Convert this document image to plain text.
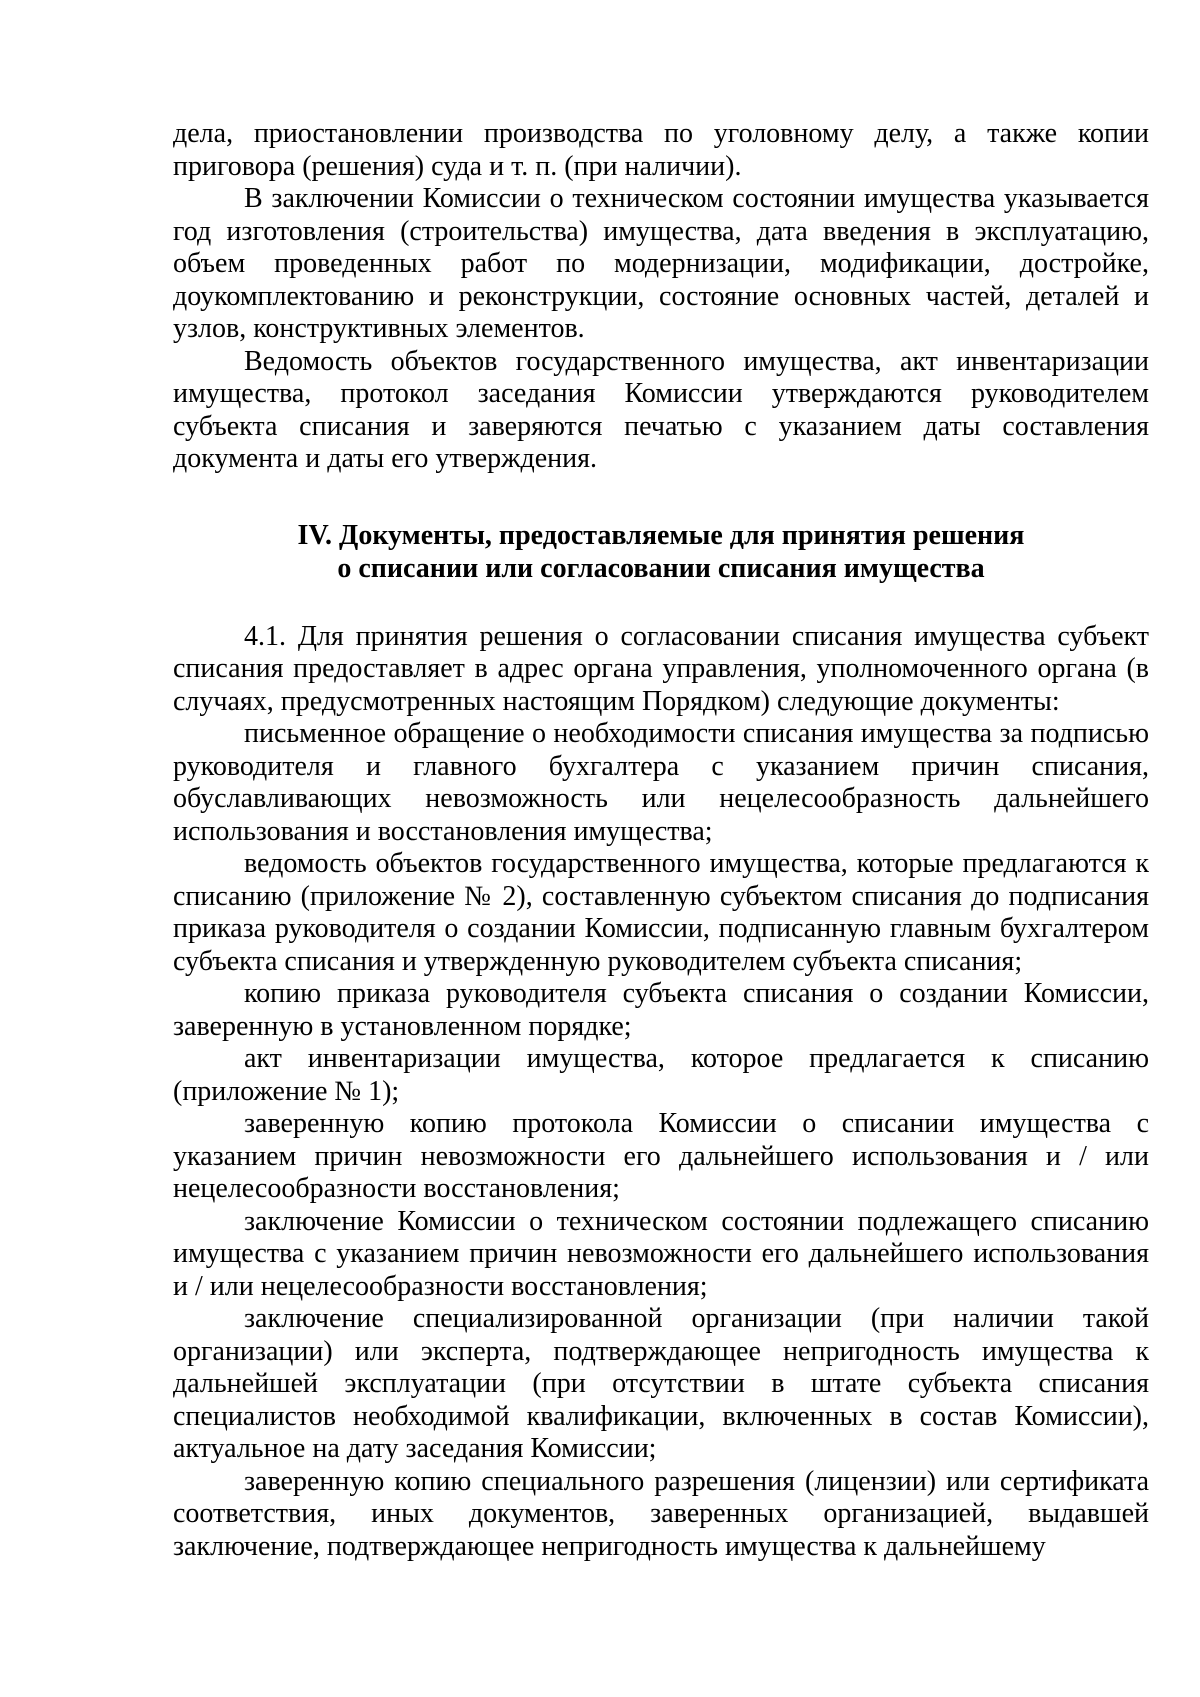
дела, приостановлении производства по уголовному делу, а также копии приговора (решения) суда и т. п. (при наличии).

В заключении Комиссии о техническом состоянии имущества указывается год изготовления (строительства) имущества, дата введения в эксплуатацию, объем проведенных работ по модернизации, модификации, достройке, доукомплектованию и реконструкции, состояние основных частей, деталей и узлов, конструктивных элементов.

Ведомость объектов государственного имущества, акт инвентаризации имущества, протокол заседания Комиссии утверждаются руководителем субъекта списания и заверяются печатью с указанием даты составления документа и даты его утверждения.

IV. Документы, предоставляемые для принятия решения
о списании или согласовании списания имущества

4.1. Для принятия решения о согласовании списания имущества субъект списания предоставляет в адрес органа управления, уполномоченного органа (в случаях, предусмотренных настоящим Порядком) следующие документы:

письменное обращение о необходимости списания имущества за подписью руководителя и главного бухгалтера с указанием причин списания, обуславливающих невозможность или нецелесообразность дальнейшего использования и восстановления имущества;

ведомость объектов государственного имущества, которые предлагаются к списанию (приложение № 2), составленную субъектом списания до подписания приказа руководителя о создании Комиссии, подписанную главным бухгалтером субъекта списания и утвержденную руководителем субъекта списания;

копию приказа руководителя субъекта списания о создании Комиссии, заверенную в установленном порядке;

акт инвентаризации имущества, которое предлагается к списанию (приложение № 1);

заверенную копию протокола Комиссии о списании имущества с указанием причин невозможности его дальнейшего использования и / или нецелесообразности восстановления;

заключение Комиссии о техническом состоянии подлежащего списанию имущества с указанием причин невозможности его дальнейшего использования и / или нецелесообразности восстановления;

заключение специализированной организации (при наличии такой организации) или эксперта, подтверждающее непригодность имущества к дальнейшей эксплуатации (при отсутствии в штате субъекта списания специалистов необходимой квалификации, включенных в состав Комиссии), актуальное на дату заседания Комиссии;

заверенную копию специального разрешения (лицензии) или сертификата соответствия, иных документов, заверенных организацией, выдавшей заключение, подтверждающее непригодность имущества к дальнейшему
